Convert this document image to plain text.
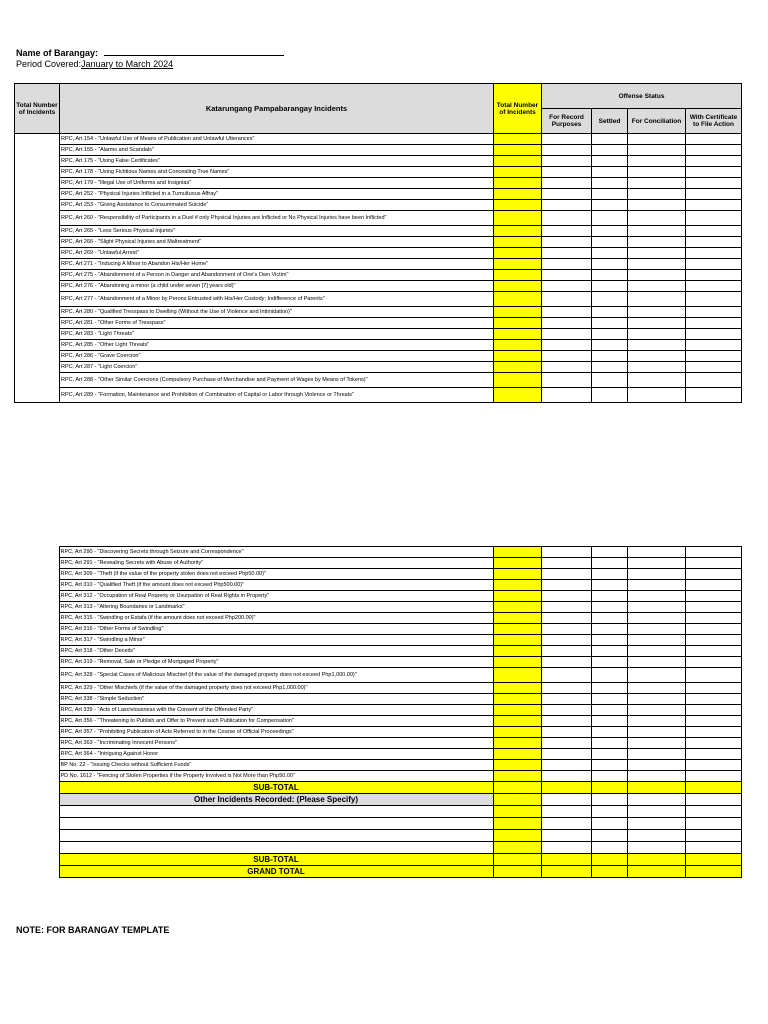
Name of Barangay:
Period Covered:January to March 2024
Total Number of Incidents	Katarungang Pampabarangay Incidents	Total Number of Incidents	Offense Status			
			For Record Purposes	Settled	For Conciliation	With Certificate to File Action
	RPC, Art 154 - "Unlawful Use of Means of Publication and Unlawful Utterances"					
	RPC, Art 155 - "Alarms and Scandals"					
	RPC, Art 175 - "Using False Certificates"					
	RPC, Art 178 - "Using Fictitious Names and Concealing True Names"					
	RPC, Art 179 - "Illegal Use of Uniforms and Insignias"					
	RPC, Art 252 - "Physical Injuries Inflicted in a Tumultuous Affray"					
	RPC, Art 253 - "Giving Assistance to Consummated Suicide"					
	RPC, Art 260 - "Responsibility of Participants in a Duel if only Physical Injuries are Inflicted or No Physical Injuries have been Inflicted"					
	RPC, Art 265 - "Less Serious Physical Injuries"					
	RPC, Art 266 - "Slight Physical Injuries and Maltreatment"					
	RPC, Art 269 - "Unlawful Arrest"					
	RPC, Art 271 - "Inducing A Minor to Abandon His/Her Home"					
	RPC, Art 275 - "Abandonment of a Person in Danger and Abandonment of One's Own Victim"					
	RPC, Art 276 - "Abandoning a minor (a child under seven [7] years old)"					
	RPC, Art 277 - "Abandonment of a Minor by Perons Entrusted with His/Her Custody; Indifference of Parents"					
	RPC, Art 280 - "Qualified Tresspass to Dwelling (Without the Use of Violence and Intimidation)"					
	RPC, Art 281 - "Other Forms of Tresspass"					
	RPC, Art 283 - "Light Threats"					
	RPC, Art 285 - "Other Light Threats"					
	RPC, Art 286 - "Grave Coercion"					
	RPC, Art 287 - "Light Coercion"					
	RPC, Art 288 - "Other Similar Coercions (Compulsory Purchase of Merchandise and Payment of Wages by Means of Tokens)"					
	RPC, Art 289 - "Formation, Maintenance and Prohibition of Combination of Capital or Labor through Violence or Threats"					
	RPC, Art 290 - "Discovering Secrets through Seizure and Correspondence"					
	RPC, Art 291 - "Revealing Secrets with Abuse of Authority"					
	RPC, Art 309 - "Theft (if the value of the property stolen does not exceed Php50.00)"					
	RPC, Art 310 - "Qualified Theft (if the amount does not exceed Php500.00)"					
	RPC, Art 312 - "Occupation of Real Property or Usurpation of Real Rights in Property"					
	RPC, Art 313 - "Altering Boundaries or Landmarks"					
	RPC, Art 315 - "Swindling or Estafa (if the amount does not exceed Php200.00)"					
	RPC, Art 316 - "Other Forms of Swindling"					
	RPC, Art 317 - "Swindling a Minor"					
	RPC, Art 318 - "Other Deceits"					
	RPC, Art 319 - "Removal, Sale or Pledge of Mortgaged Property"					
	RPC, Art 328 - "Special Cases of Malicious Mischief (if the value of the damaged property does not exceed Php1,000.00)"					
	RPC, Art 329 - "Other Mischiefs (if the value of the damaged property does not exceed Php1,000.00)"					
	RPC, Art 338 - "Simple Seduction"					
	RPC, Art 339 - "Acts of Lasciviousness with the Consent of the Offended Party"					
	RPC, Art 356 - "Threatening to Publish and Offer to Prevent such Publication for Compensation"					
	RPC, Art 357 - "Prohibiting Publication of Acts Referred to in the Course of Official Proceedings"					
	RPC, Art 363 - "Incriminating Innocent Persons"					
	RPC, Art 364 - "Intriguing Against Honor					
	BP No. 22 - "Issuing Checks without Sufficient Funds"					
	PD No. 1612 - "Fencing of Stolen Properties if the Property Involved is Not More than Php50.00"					
	SUB-TOTAL					
	Other Incidents Recorded: (Please Specify)					

	SUB-TOTAL					
	GRAND TOTAL					
NOTE: FOR BARANGAY TEMPLATE
